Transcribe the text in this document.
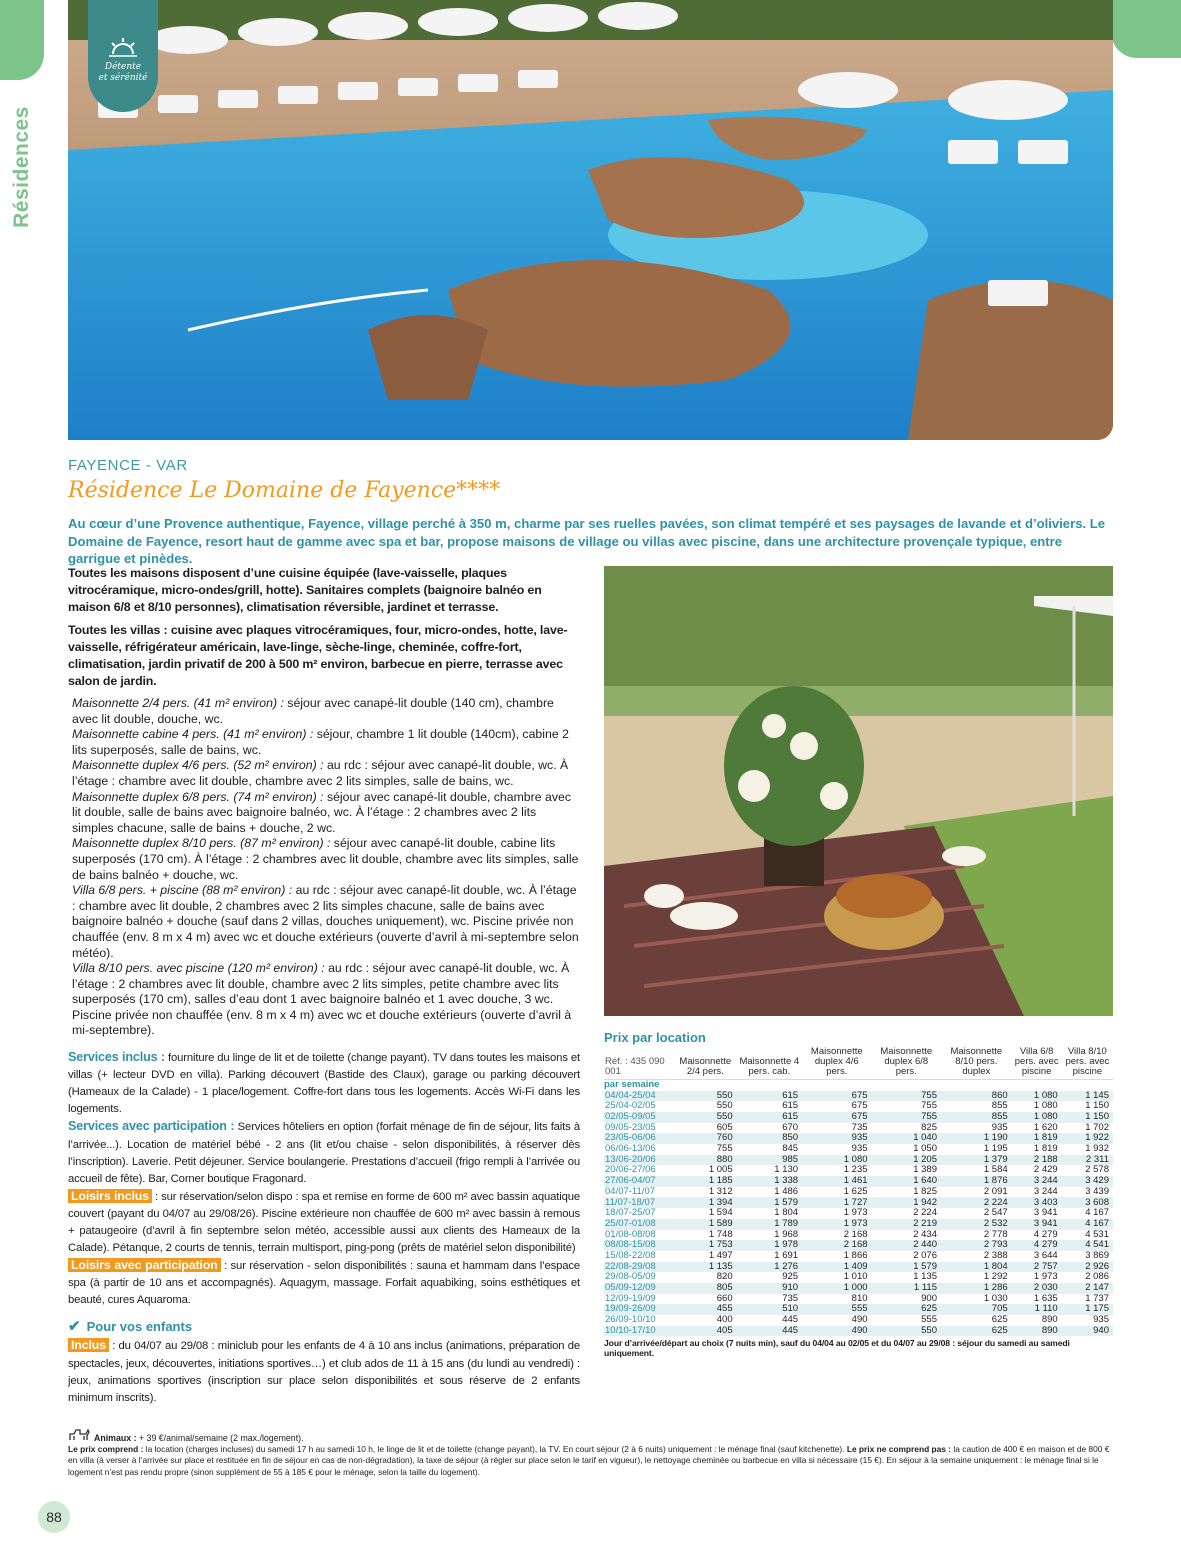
Résidences
Détente
et sérénité
FAYENCE - VAR
Résidence Le Domaine de Fayence****
Au cœur d’une Provence authentique, Fayence, village perché à 350 m, charme par ses ruelles pavées, son climat tempéré et ses paysages de lavande et d’oliviers. Le Domaine de Fayence, resort haut de gamme avec spa et bar, propose maisons de village ou villas avec piscine, dans une architecture provençale typique, entre garrigue et pinèdes.

Toutes les maisons disposent d’une cuisine équipée (lave-vaisselle, plaques vitrocéramique, micro-ondes/grill, hotte). Sanitaires complets (baignoire balnéo en maison 6/8 et 8/10 personnes), climatisation réversible, jardinet et terrasse.

Toutes les villas : cuisine avec plaques vitrocéramiques, four, micro-ondes, hotte, lave-vaisselle, réfrigérateur américain, lave-linge, sèche-linge, cheminée, coffre-fort, climatisation, jardin privatif de 200 à 500 m² environ, barbecue en pierre, terrasse avec salon de jardin.

Maisonnette 2/4 pers. (41 m² environ) : séjour avec canapé-lit double (140 cm), chambre avec lit double, douche, wc.
Maisonnette cabine 4 pers. (41 m² environ) : séjour, chambre 1 lit double (140cm), cabine 2 lits superposés, salle de bains, wc.
Maisonnette duplex 4/6 pers. (52 m² environ) : au rdc : séjour avec canapé-lit double, wc. À l’étage : chambre avec lit double, chambre avec 2 lits simples, salle de bains, wc.
Maisonnette duplex 6/8 pers. (74 m² environ) : séjour avec canapé-lit double, chambre avec lit double, salle de bains avec baignoire balnéo, wc. À l’étage : 2 chambres avec 2 lits simples chacune, salle de bains + douche, 2 wc.
Maisonnette duplex 8/10 pers. (87 m² environ) : séjour avec canapé-lit double, cabine lits superposés (170 cm). À l’étage : 2 chambres avec lit double, chambre avec lits simples, salle de bains balnéo + douche, wc.
Villa 6/8 pers. + piscine (88 m² environ) : au rdc : séjour avec canapé-lit double, wc. À l’étage : chambre avec lit double, 2 chambres avec 2 lits simples chacune, salle de bains avec baignoire balnéo + douche (sauf dans 2 villas, douches uniquement), wc. Piscine privée non chauffée (env. 8 m x 4 m) avec wc et douche extérieurs (ouverte d’avril à mi-septembre selon météo).
Villa 8/10 pers. avec piscine (120 m² environ) : au rdc : séjour avec canapé-lit double, wc. À l’étage : 2 chambres avec lit double, chambre avec 2 lits simples, petite chambre avec lits superposés (170 cm), salles d’eau dont 1 avec baignoire balnéo et 1 avec douche, 3 wc. Piscine privée non chauffée (env. 8 m x 4 m) avec wc et douche extérieurs (ouverte d’avril à mi-septembre).
Services inclus : fourniture du linge de lit et de toilette (change payant). TV dans toutes les maisons et villas (+ lecteur DVD en villa). Parking découvert (Bastide des Claux), garage ou parking découvert (Hameaux de la Calade) - 1 place/logement. Coffre-fort dans tous les logements. Accès Wi-Fi dans les logements.
Services avec participation : Services hôteliers en option (forfait ménage de fin de séjour, lits faits à l’arrivée...). Location de matériel bébé - 2 ans (lit et/ou chaise - selon disponibilités, à réserver dès l’inscription). Laverie. Petit déjeuner. Service boulangerie. Prestations d’accueil (frigo rempli à l’arrivée ou accueil de fête). Bar, Corner boutique Fragonard.
Loisirs inclus : sur réservation/selon dispo : spa et remise en forme de 600 m² avec bassin aquatique couvert (payant du 04/07 au 29/08/26). Piscine extérieure non chauffée de 600 m² avec bassin à remous + pataugeoire (d’avril à fin septembre selon météo, accessible aussi aux clients des Hameaux de la Calade). Pétanque, 2 courts de tennis, terrain multisport, ping-pong (prêts de matériel selon disponibilité)
Loisirs avec participation : sur réservation - selon disponibilités : sauna et hammam dans l’espace spa (à partir de 10 ans et accompagnés). Aquagym, massage. Forfait aquabiking, soins esthétiques et beauté, cures Aquaroma.
✔ Pour vos enfants
Inclus : du 04/07 au 29/08 : miniclub pour les enfants de 4 à 10 ans inclus (animations, préparation de spectacles, jeux, découvertes, initiations sportives…) et club ados de 11 à 15 ans (du lundi au vendredi) : jeux, animations sportives (inscription sur place selon disponibilités et sous réserve de 2 enfants minimum inscrits).
Prix par location
Réf. : 435 090 001	Maisonnette 2/4 pers.	Maisonnette 4 pers. cab.	Maisonnette duplex 4/6 pers.	Maisonnette duplex 6/8 pers.	Maisonnette 8/10 pers. duplex	Villa 6/8 pers. avec piscine	Villa 8/10 pers. avec piscine
par semaine							
04/04-25/04	550	615	675	755	860	1 080	1 145
25/04-02/05	550	615	675	755	855	1 080	1 150
02/05-09/05	550	615	675	755	855	1 080	1 150
09/05-23/05	605	670	735	825	935	1 620	1 702
23/05-06/06	760	850	935	1 040	1 190	1 819	1 922
06/06-13/06	755	845	935	1 050	1 195	1 819	1 932
13/06-20/06	880	985	1 080	1 205	1 379	2 188	2 311
20/06-27/06	1 005	1 130	1 235	1 389	1 584	2 429	2 578
27/06-04/07	1 185	1 338	1 461	1 640	1 876	3 244	3 429
04/07-11/07	1 312	1 486	1 625	1 825	2 091	3 244	3 439
11/07-18/07	1 394	1 579	1 727	1 942	2 224	3 403	3 608
18/07-25/07	1 594	1 804	1 973	2 224	2 547	3 941	4 167
25/07-01/08	1 589	1 789	1 973	2 219	2 532	3 941	4 167
01/08-08/08	1 748	1 968	2 168	2 434	2 778	4 279	4 531
08/08-15/08	1 753	1 978	2 168	2 440	2 793	4 279	4 541
15/08-22/08	1 497	1 691	1 866	2 076	2 388	3 644	3 869
22/08-29/08	1 135	1 276	1 409	1 579	1 804	2 757	2 926
29/08-05/09	820	925	1 010	1 135	1 292	1 973	2 086
05/09-12/09	805	910	1 000	1 115	1 286	2 030	2 147
12/09-19/09	660	735	810	900	1 030	1 635	1 737
19/09-26/09	455	510	555	625	705	1 110	1 175
26/09-10/10	400	445	490	555	625	890	935
10/10-17/10	405	445	490	550	625	890	940
Jour d’arrivée/départ au choix (7 nuits min), sauf du 04/04 au 02/05 et du 04/07 au 29/08 : séjour du samedi au samedi uniquement.
Animaux : + 39 €/animal/semaine (2 max./logement).
Le prix comprend : la location (charges incluses) du samedi 17 h au samedi 10 h, le linge de lit et de toilette (change payant), la TV. En court séjour (2 à 6 nuits) uniquement : le ménage final (sauf kitchenette). Le prix ne comprend pas : la caution de 400 € en maison et de 800 € en villa (à verser à l’arrivée sur place et restituée en fin de séjour en cas de non-dégradation), la taxe de séjour (à régler sur place selon le tarif en vigueur), le nettoyage cheminée ou barbecue en villa si nécessaire (15 €). En séjour à la semaine uniquement : le ménage final si le logement n’est pas rendu propre (sinon supplément de 55 à 185 € pour le ménage, selon la taille du logement).
88
